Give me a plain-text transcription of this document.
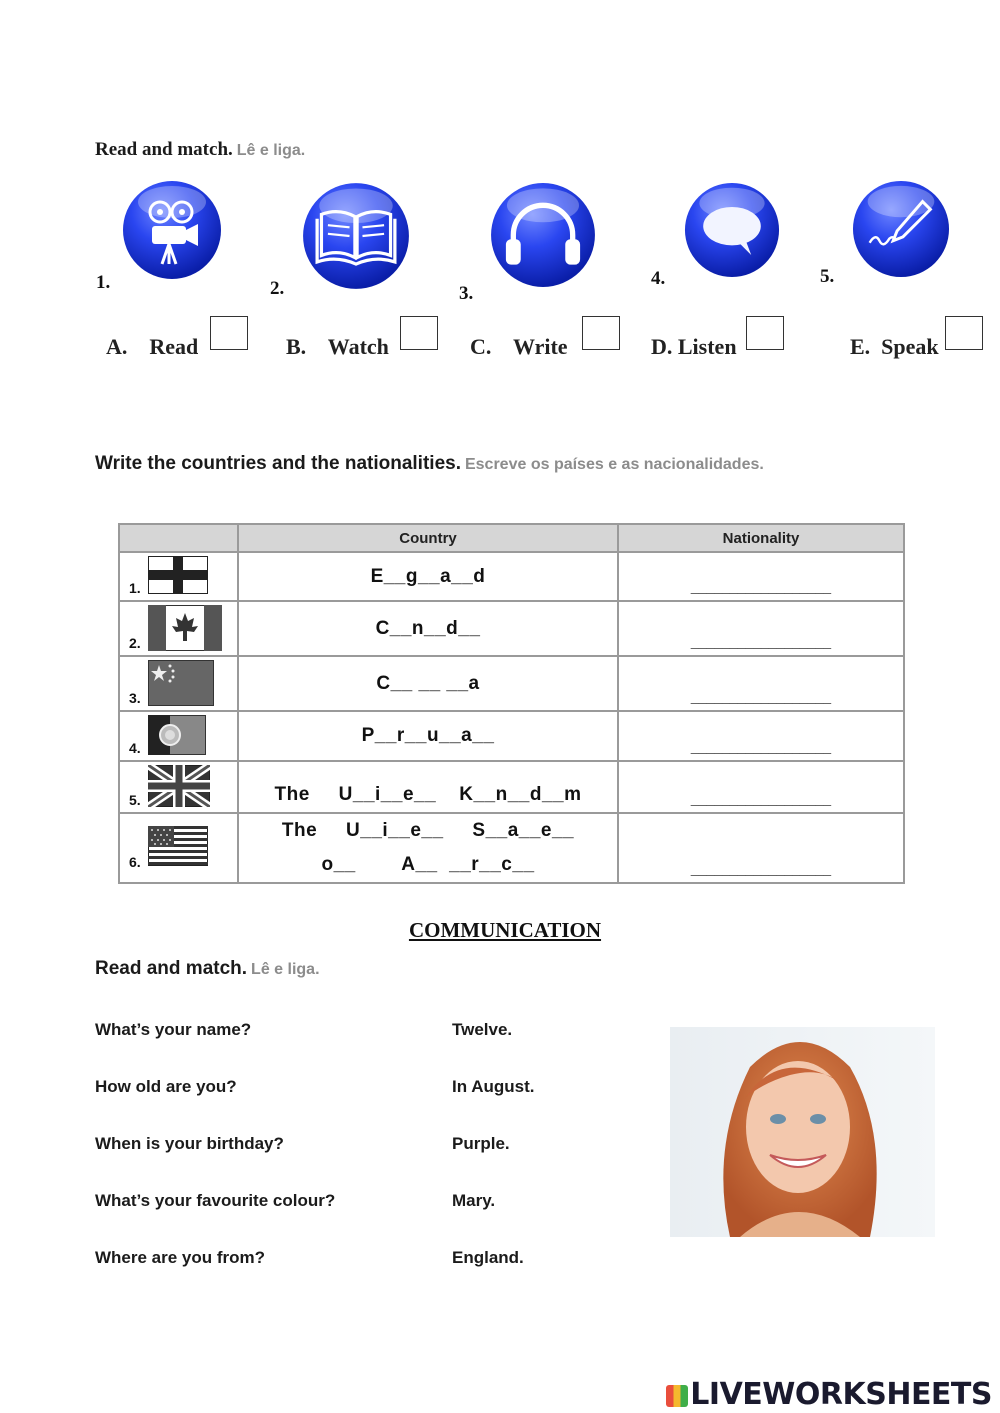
Read and match. Lê e liga.
1.	2.	3.
4.	5.
A.    Read	B.    Watch	C.    Write	D. Listen	E.  Speak
Write the countries and the nationalities. Escreve os países e as nacionalidades.
	Country	Nationality

1.	E__g__a__d	__________________

2.	C__n__d__	__________________

3.	C__ __ __a	__________________

4.	P__r__u__a__	__________________

5.	The     U__i__e__    K__n__d__m	__________________

6.	The     U__i__e__     S__a__e__
o__        A__  __r__c__	__________________
COMMUNICATION
Read and match. Lê e liga.
What’s your name?
How old are you?
When is your birthday?
What’s your favourite colour?
Where are you from?
Twelve.
In August.
Purple.
Mary.
England.
LIVEWORKSHEETS
